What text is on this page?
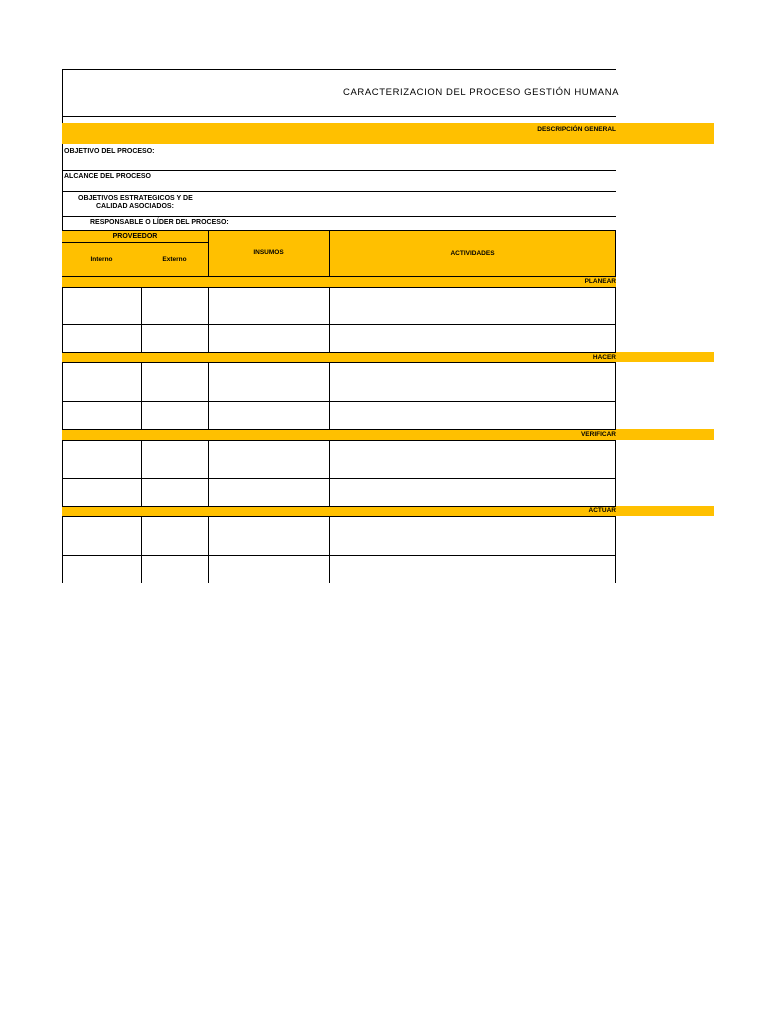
CARACTERIZACION DEL PROCESO GESTIÓN HUMANA
DESCRIPCIÓN GENERAL
OBJETIVO DEL PROCESO:
ALCANCE DEL PROCESO
OBJETIVOS ESTRATEGICOS Y DE
CALIDAD ASOCIADOS:
RESPONSABLE O LÍDER DEL PROCESO:
PROVEEDOR
Interno	Externo
INSUMOS	ACTIVIDADES
PLANEAR
HACER
VERIFICAR
ACTUAR
